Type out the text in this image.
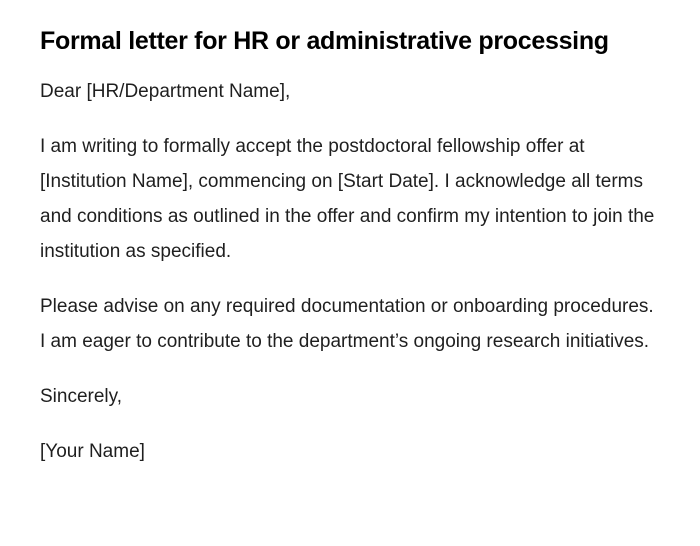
Formal letter for HR or administrative processing

Dear [HR/Department Name],

I am writing to formally accept the postdoctoral fellowship offer at [Institution Name], commencing on [Start Date]. I acknowledge all terms and conditions as outlined in the offer and confirm my intention to join the institution as specified.

Please advise on any required documentation or onboarding procedures. I am eager to contribute to the department’s ongoing research initiatives.

Sincerely,

[Your Name]
